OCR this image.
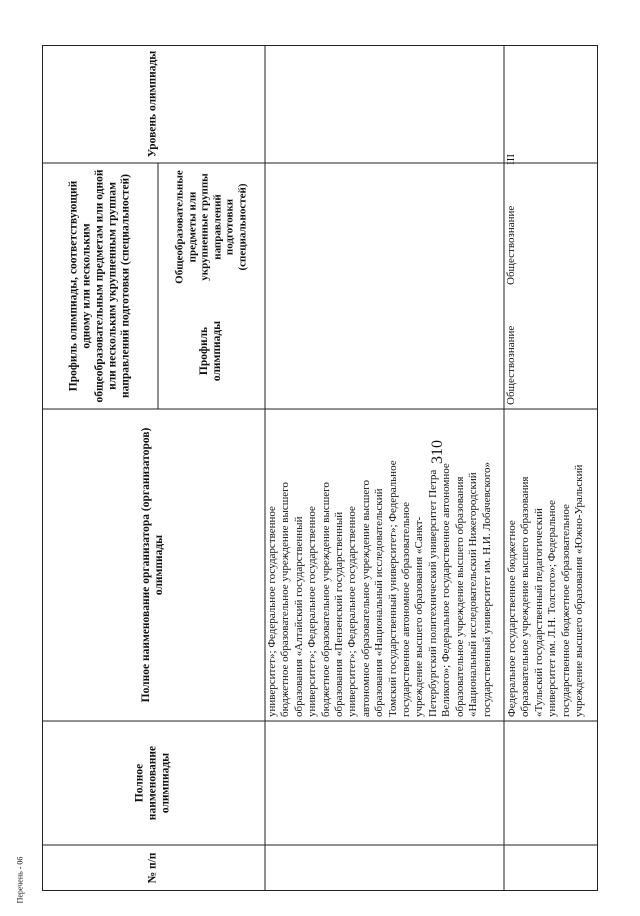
310
Перечень - 06	№ п/п
Полное наименование олимпиады
Полное наименование организатора (организаторов) олимпиады
Профиль олимпиады, соответствующий одному или нескольким общеобразовательным предметам или одной или нескольким укрупненным группам направлений подготовки (специальностей)	Профиль олимпиады
Общеобразовательные предметы или укрупненные группы направлений подготовки (специальностей)
Уровень олимпиады
университет»; Федеральное государственное бюджетное образовательное учреждение высшего образования «Алтайский государственный университет»; Федеральное государственное бюджетное образовательное учреждение высшего образования «Пензенский государственный университет»; Федеральное государственное автономное образовательное учреждение высшего образования «Национальный исследовательский Томский государственный университет»; Федеральное государственное автономное образовательное учреждение высшего образования «Санкт- Петербургский политехнический университет Петра Великого»; Федеральное государственное автономное образовательное учреждение высшего образования «Национальный исследовательский Нижегородский государственный университет им. Н.И. Лобачевского» Федеральное государственное бюджетное образовательное учреждение высшего образования «Тульский государственный педагогический университет им. Л.Н. Толстого»; Федеральное государственное бюджетное образовательное учреждение высшего образования «Южно-Уральский
Обществознание
Обществознание
III
